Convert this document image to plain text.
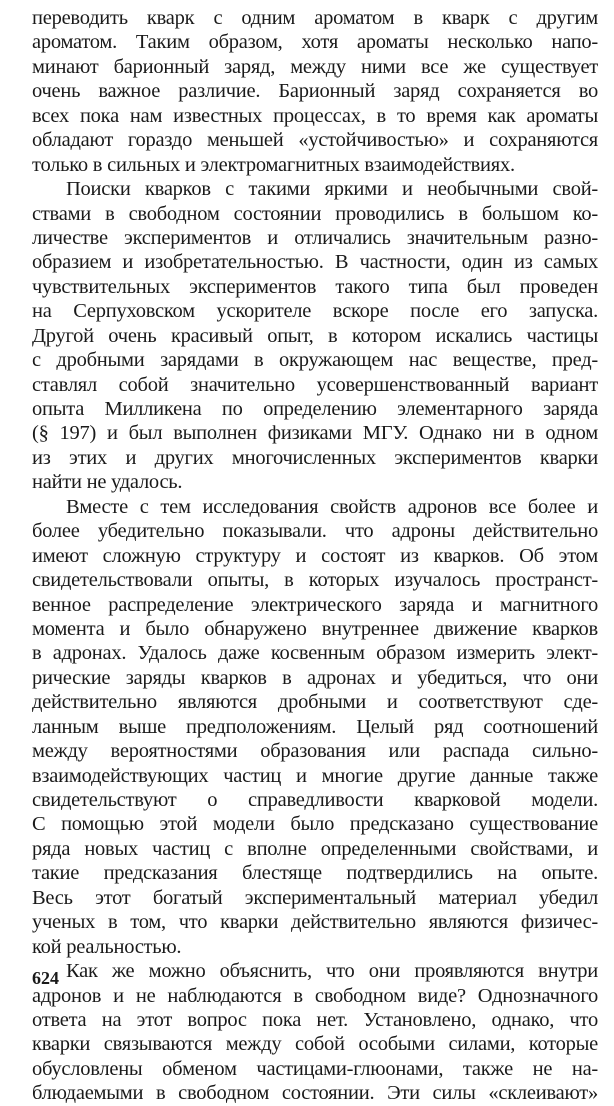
переводить кварк с одним ароматом в кварк с другим
ароматом. Таким образом, хотя ароматы несколько напо-
минают барионный заряд, между ними все же существует
очень важное различие. Барионный заряд сохраняется во
всех пока нам известных процессах, в то время как ароматы
обладают гораздо меньшей «устойчивостью» и сохраняются
только в сильных и электромагнитных взаимодействиях.
Поиски кварков с такими яркими и необычными свой-
ствами в свободном состоянии проводились в большом ко-
личестве экспериментов и отличались значительным разно-
образием и изобретательностью. В частности, один из самых
чувствительных экспериментов такого типа был проведен
на Серпуховском ускорителе вскоре после его запуска.
Другой очень красивый опыт, в котором искались частицы
с дробными зарядами в окружающем нас веществе, пред-
ставлял собой значительно усовершенствованный вариант
опыта Милликена по определению элементарного заряда
(§ 197) и был выполнен физиками МГУ. Однако ни в одном
из этих и других многочисленных экспериментов кварки
найти не удалось.
Вместе с тем исследования свойств адронов все более и
более убедительно показывали. что адроны действительно
имеют сложную структуру и состоят из кварков. Об этом
свидетельствовали опыты, в которых изучалось пространст-
венное распределение электрического заряда и магнитного
момента и было обнаружено внутреннее движение кварков
в адронах. Удалось даже косвенным образом измерить элект-
рические заряды кварков в адронах и убедиться, что они
действительно являются дробными и соответствуют сде-
ланным выше предположениям. Целый ряд соотношений
между вероятностями образования или распада сильно-
взаимодействующих частиц и многие другие данные также
свидетельствуют о справедливости кварковой модели.
С помощью этой модели было предсказано существование
ряда новых частиц с вполне определенными свойствами, и
такие предсказания блестяще подтвердились на опыте.
Весь этот богатый экспериментальный материал убедил
ученых в том, что кварки действительно являются физичес-
кой реальностью.
Как же можно объяснить, что они проявляются внутри
адронов и не наблюдаются в свободном виде? Однозначного
ответа на этот вопрос пока нет. Установлено, однако, что
кварки связываются между собой особыми силами, которые
обусловлены обменом частицами-глюонами, также не на-
блюдаемыми в свободном состоянии. Эти силы «склеивают»
624
